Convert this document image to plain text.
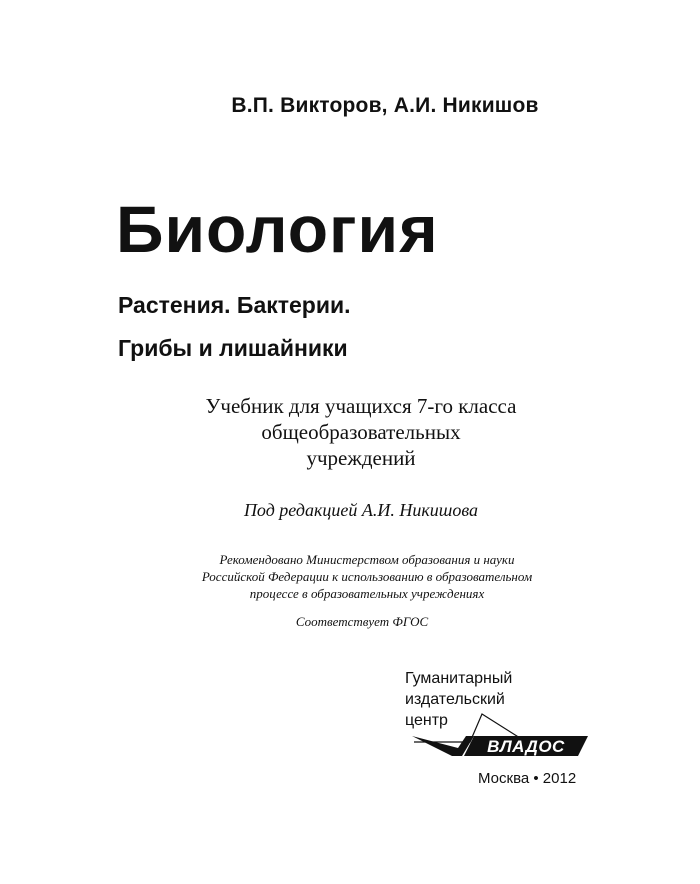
В.П. Викторов, А.И. Никишов
Биология
Растения. Бактерии.
Грибы и лишайники
Учебник для учащихся 7-го класса
общеобразовательных
учреждений
Под редакцией А.И. Никишова
Рекомендовано Министерством образования и науки
Российской Федерации к использованию в образовательном
процессе в образовательных учреждениях
Соответствует ФГОС
Гуманитарный
издательский
центр
ВЛАДОС
Москва • 2012
